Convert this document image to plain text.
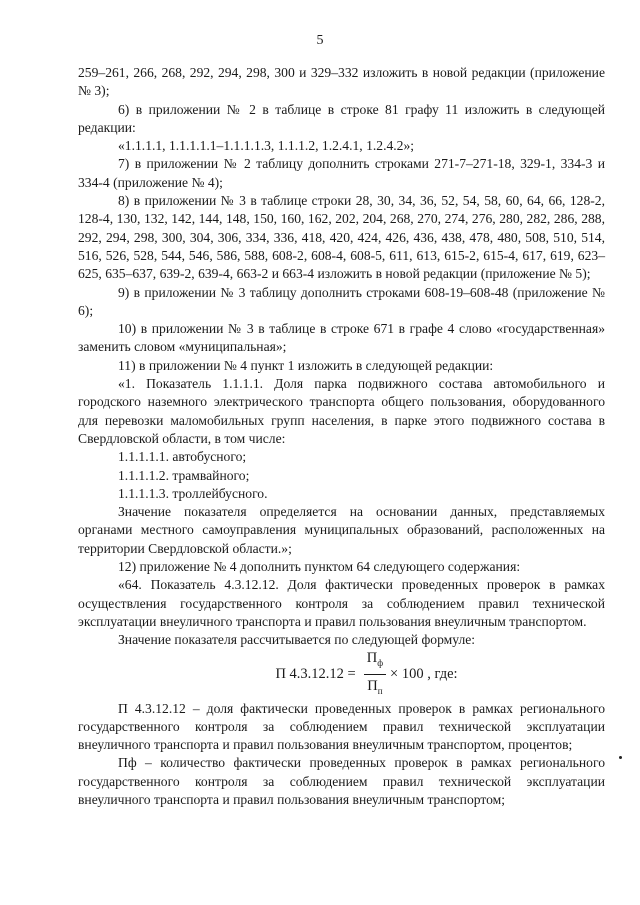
5

259–261, 266, 268, 292, 294, 298, 300 и 329–332 изложить в новой редакции (приложение № 3);

6) в приложении № 2 в таблице в строке 81 графу 11 изложить в следующей редакции:

«1.1.1.1, 1.1.1.1.1–1.1.1.1.3, 1.1.1.2, 1.2.4.1, 1.2.4.2»;

7) в приложении № 2 таблицу дополнить строками 271-7–271-18, 329-1, 334-3 и 334-4 (приложение № 4);

8) в приложении № 3 в таблице строки 28, 30, 34, 36, 52, 54, 58, 60, 64, 66, 128-2, 128-4, 130, 132, 142, 144, 148, 150, 160, 162, 202, 204, 268, 270, 274, 276, 280, 282, 286, 288, 292, 294, 298, 300, 304, 306, 334, 336, 418, 420, 424, 426, 436, 438, 478, 480, 508, 510, 514, 516, 526, 528, 544, 546, 586, 588, 608-2, 608-4, 608-5, 611, 613, 615-2, 615-4, 617, 619, 623–625, 635–637, 639-2, 639-4, 663-2 и 663-4 изложить в новой редакции (приложение № 5);

9) в приложении № 3 таблицу дополнить строками 608-19–608-48 (приложение № 6);

10) в приложении № 3 в таблице в строке 671 в графе 4 слово «государственная» заменить словом «муниципальная»;

11) в приложении № 4 пункт 1 изложить в следующей редакции:

«1. Показатель 1.1.1.1. Доля парка подвижного состава автомобильного и городского наземного электрического транспорта общего пользования, оборудованного для перевозки маломобильных групп населения, в парке этого подвижного состава в Свердловской области, в том числе:

1.1.1.1.1. автобусного;

1.1.1.1.2. трамвайного;

1.1.1.1.3. троллейбусного.

Значение показателя определяется на основании данных, представляемых органами местного самоуправления муниципальных образований, расположенных на территории Свердловской области.»;

12) приложение № 4 дополнить пунктом 64 следующего содержания:

«64. Показатель 4.3.12.12. Доля фактически проведенных проверок в рамках осуществления государственного контроля за соблюдением правил технической эксплуатации внеуличного транспорта и правил пользования внеуличным транспортом.

Значение показателя рассчитывается по следующей формуле:

П $4.3.12.12 = \frac{П_ф}{П_п} \times 100$ , где:

П 4.3.12.12 – доля фактически проведенных проверок в рамках регионального государственного контроля за соблюдением правил технической эксплуатации внеуличного транспорта и правил пользования внеуличным транспортом, процентов;

Пф – количество фактически проведенных проверок в рамках регионального государственного контроля за соблюдением правил технической эксплуатации внеуличного транспорта и правил пользования внеуличным транспортом;
